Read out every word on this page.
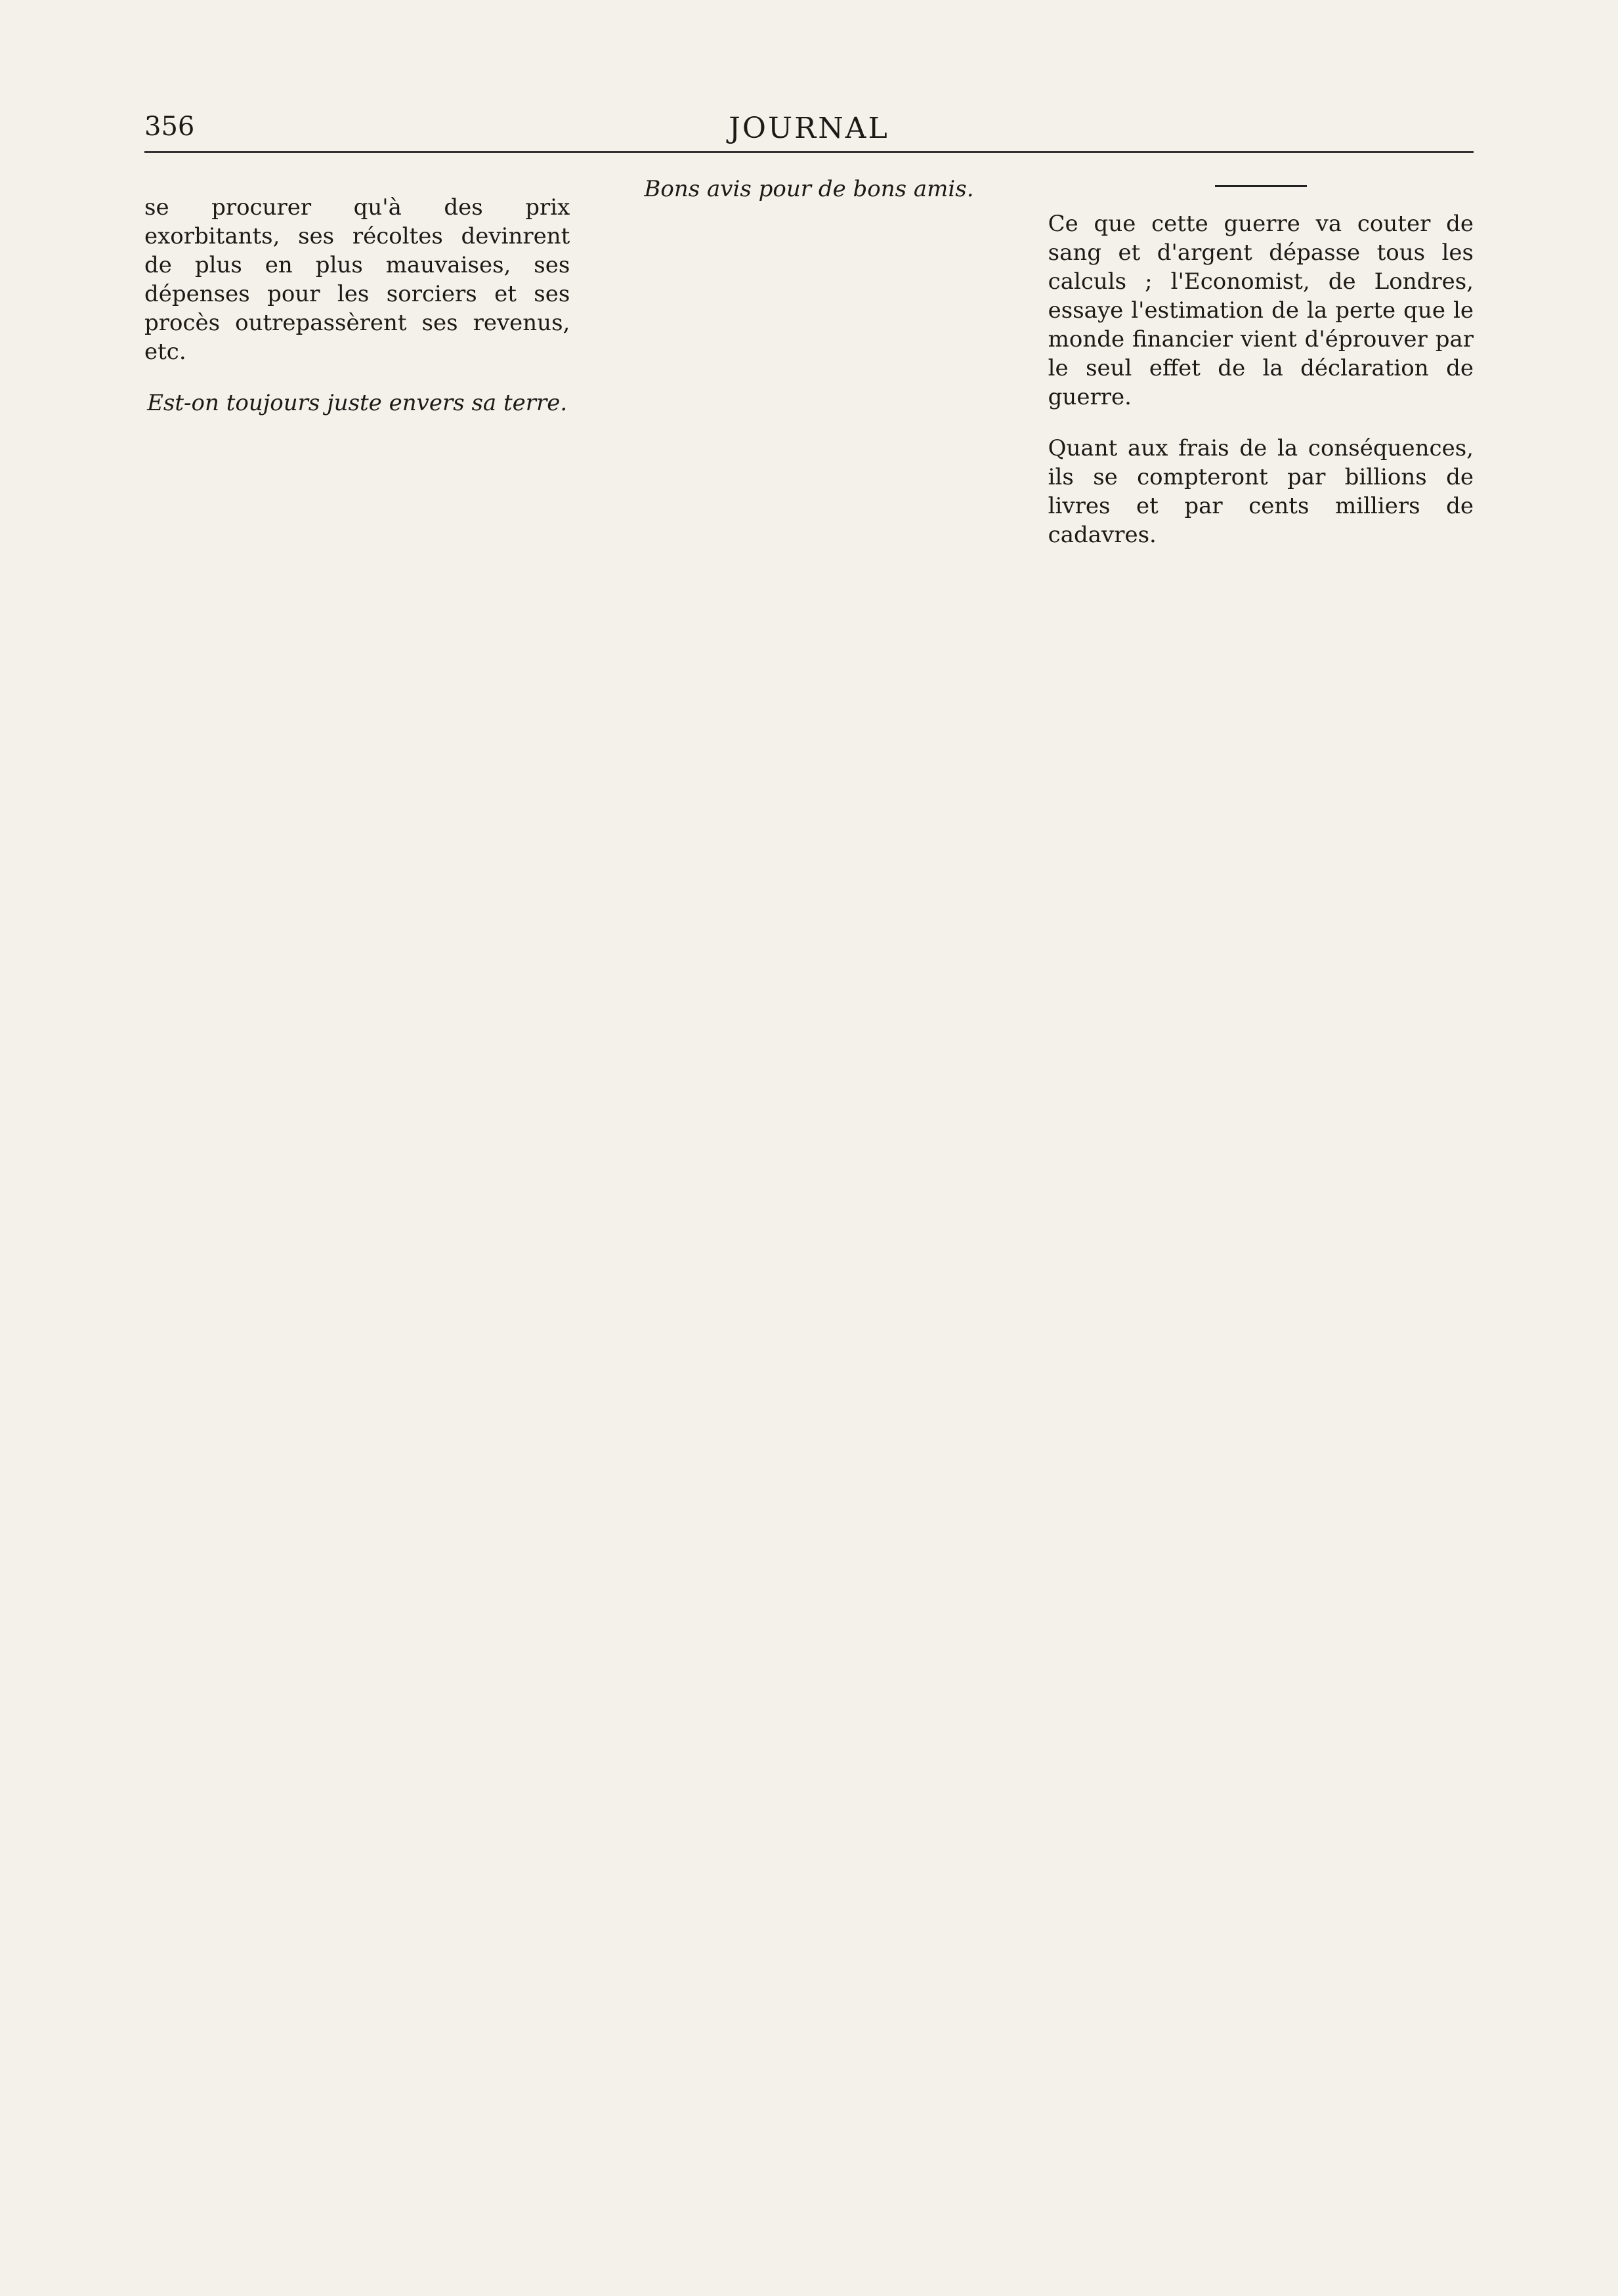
356	JOURNAL

se procurer qu'à des prix exorbitants, ses récoltes devinrent de plus en plus mauvaises, ses dépenses pour les sorciers et ses procès outrepassèrent ses revenus, etc.

Est-on toujours juste envers sa terre.
Bons avis pour de bons amis.

Ce que cette guerre va couter de sang et d'argent dépasse tous les calculs ; l'Economist, de Londres, essaye l'estimation de la perte que le monde financier vient d'éprouver par le seul effet de la déclaration de guerre.

Quant aux frais de la conséquences, ils se compteront par billions de livres et par cents milliers de cadavres.
